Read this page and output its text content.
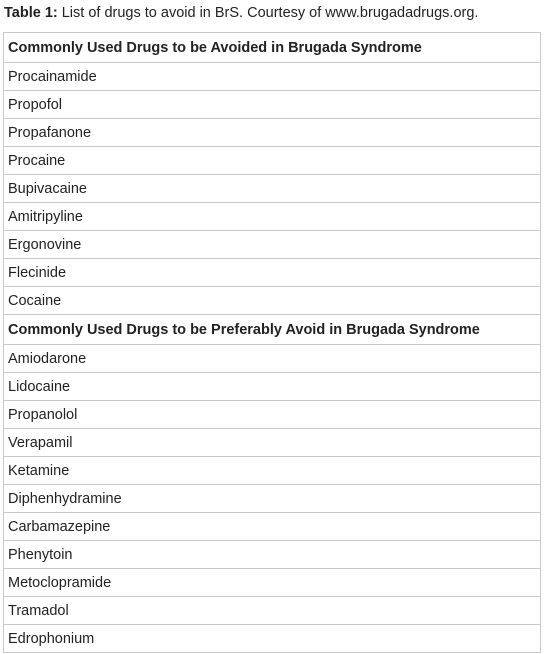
Table 1: List of drugs to avoid in BrS. Courtesy of www.brugadadrugs.org.
Commonly Used Drugs to be Avoided in Brugada Syndrome
Procainamide
Propofol
Propafanone
Procaine
Bupivacaine
Amitripyline
Ergonovine
Flecinide
Cocaine
Commonly Used Drugs to be Preferably Avoid in Brugada Syndrome
Amiodarone
Lidocaine
Propanolol
Verapamil
Ketamine
Diphenhydramine
Carbamazepine
Phenytoin
Metoclopramide
Tramadol
Edrophonium
